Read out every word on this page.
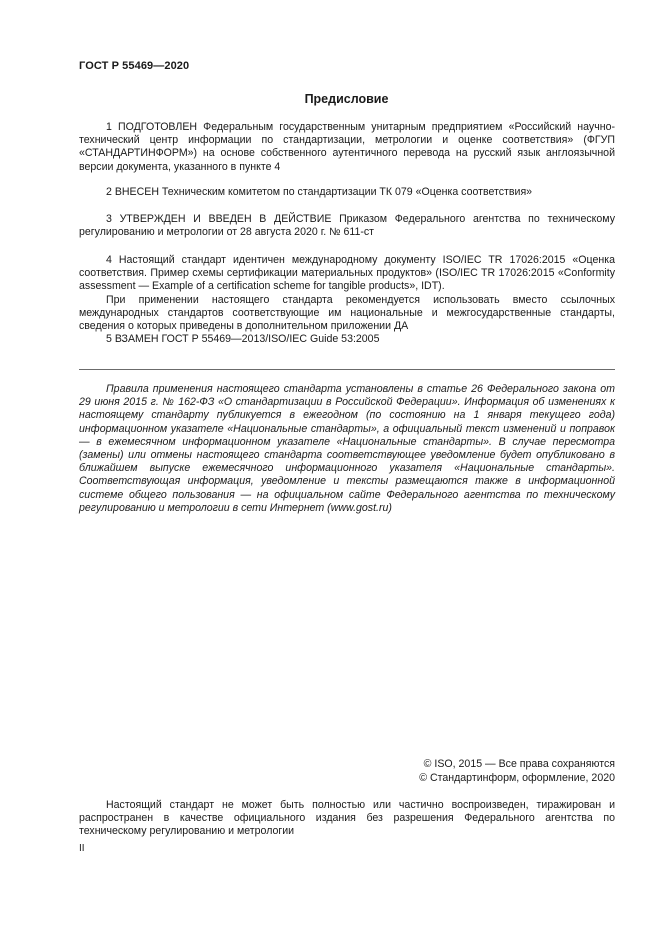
ГОСТ Р 55469—2020
Предисловие

1 ПОДГОТОВЛЕН Федеральным государственным унитарным предприятием «Российский научно-технический центр информации по стандартизации, метрологии и оценке соответствия» (ФГУП «СТАНДАРТИНФОРМ») на основе собственного аутентичного перевода на русский язык англоязычной версии документа, указанного в пункте 4

2 ВНЕСЕН Техническим комитетом по стандартизации ТК 079 «Оценка соответствия»

3 УТВЕРЖДЕН И ВВЕДЕН В ДЕЙСТВИЕ Приказом Федерального агентства по техническому регулированию и метрологии от 28 августа 2020 г. № 611-ст

4 Настоящий стандарт идентичен международному документу ISO/IEC TR 17026:2015 «Оценка соответствия. Пример схемы сертификации материальных продуктов» (ISO/IEC TR 17026:2015 «Conformity assessment — Example of a certification scheme for tangible products», IDT).

При применении настоящего стандарта рекомендуется использовать вместо ссылочных международных стандартов соответствующие им национальные и межгосударственные стандарты, сведения о которых приведены в дополнительном приложении ДА

5 ВЗАМЕН ГОСТ Р 55469—2013/ISO/IEC Guide 53:2005

Правила применения настоящего стандарта установлены в статье 26 Федерального закона от 29 июня 2015 г. № 162-ФЗ «О стандартизации в Российской Федерации». Информация об изменениях к настоящему стандарту публикуется в ежегодном (по состоянию на 1 января текущего года) информационном указателе «Национальные стандарты», а официальный текст изменений и поправок — в ежемесячном информационном указателе «Национальные стандарты». В случае пересмотра (замены) или отмены настоящего стандарта соответствующее уведомление будет опубликовано в ближайшем выпуске ежемесячного информационного указателя «Национальные стандарты». Соответствующая информация, уведомление и тексты размещаются также в информационной системе общего пользования — на официальном сайте Федерального агентства по техническому регулированию и метрологии в сети Интернет (www.gost.ru)

© ISO, 2015 — Все права сохраняются
© Стандартинформ, оформление, 2020

Настоящий стандарт не может быть полностью или частично воспроизведен, тиражирован и распространен в качестве официального издания без разрешения Федерального агентства по техническому регулированию и метрологии

II
